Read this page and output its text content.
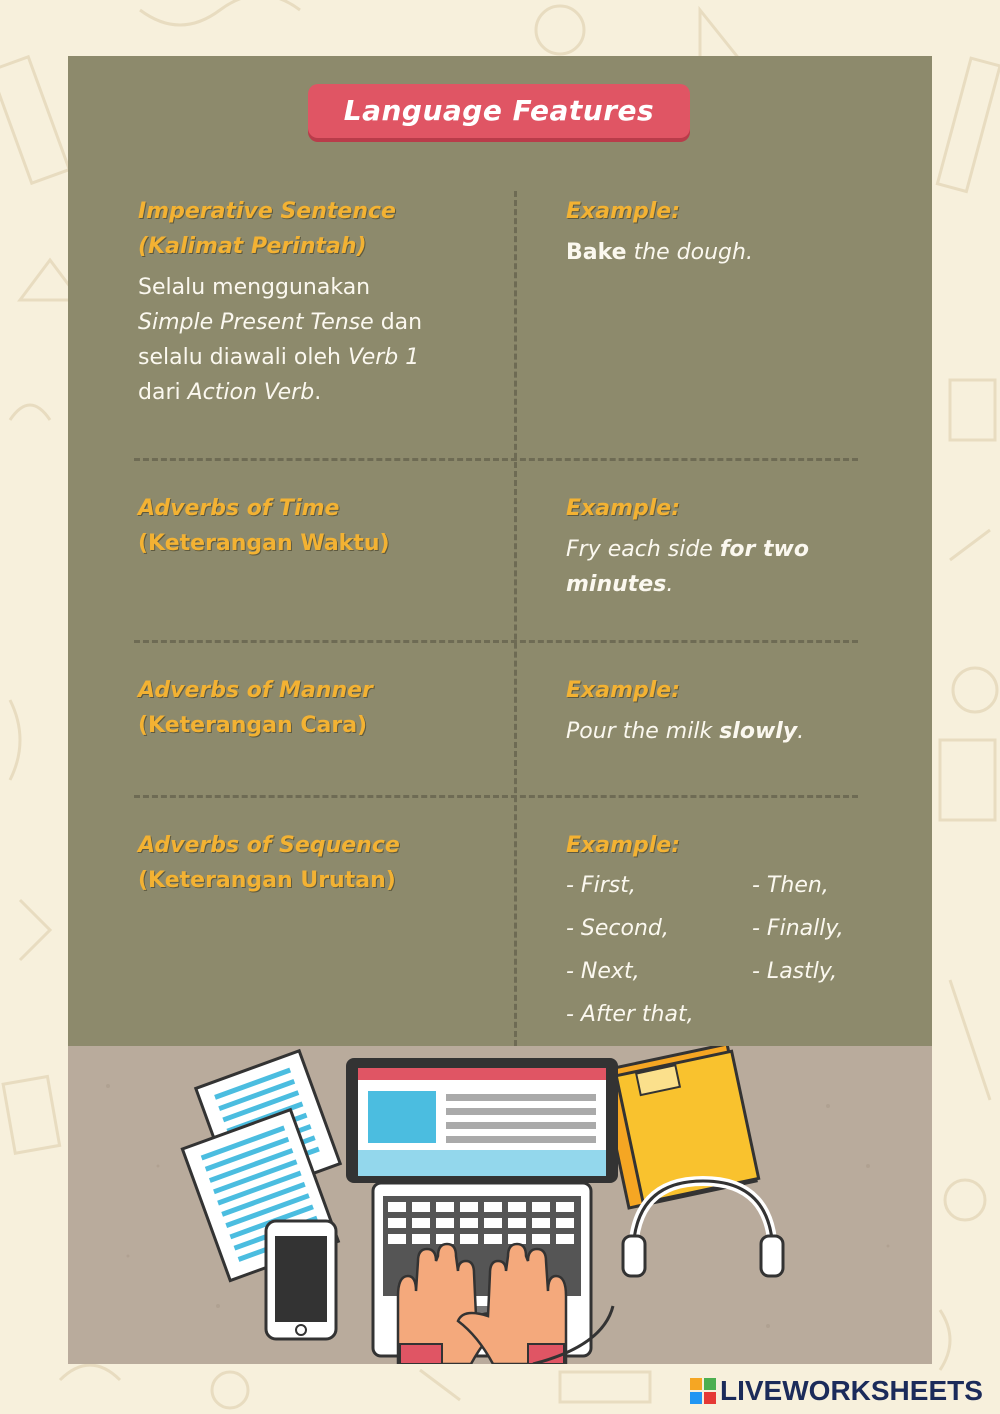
Language Features
Imperative Sentence
(Kalimat Perintah)
Selalu menggunakan
Simple Present Tense dan
selalu diawali oleh Verb 1
dari Action Verb.
Example:
Bake the dough.
Adverbs of Time
(Keterangan Waktu)
Example:
Fry each side for two
minutes.
Adverbs of Manner
(Keterangan Cara)
Example:
Pour the milk slowly.
Adverbs of Sequence
(Keterangan Urutan)
Example:
- First,	- Then,
- Second,	- Finally,
- Next,	- Lastly,
- After that,
LIVEWORKSHEETS
